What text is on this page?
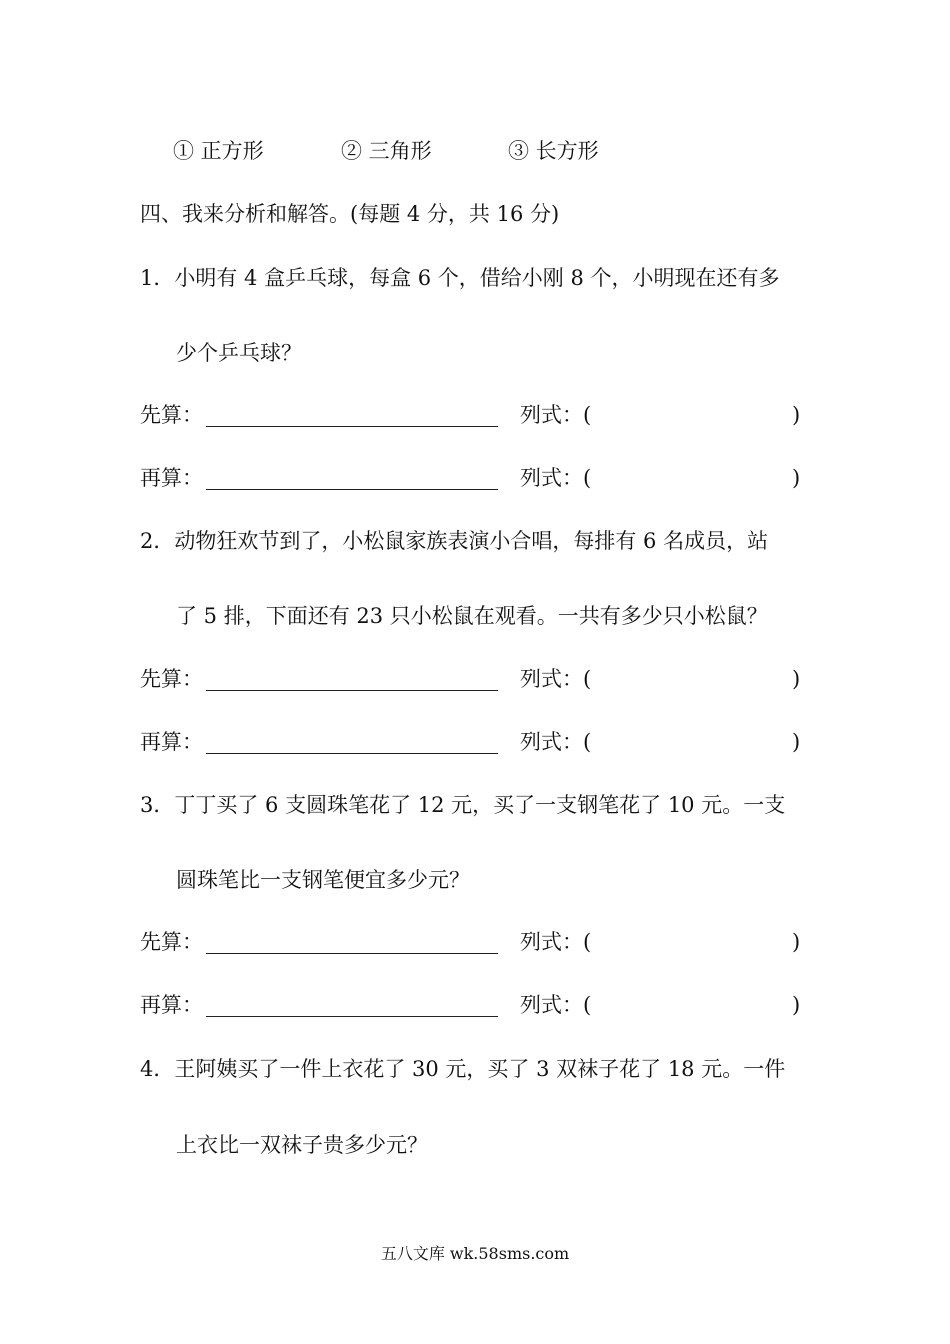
① 正方形	② 三角形	③ 长方形
四、我来分析和解答。(每题 4 分，共 16 分)
1．小明有 4 盒乒乓球，每盒 6 个，借给小刚 8 个，小明现在还有多
少个乒乓球？
先算：	列式：(	)
再算：	列式：(	)
2．动物狂欢节到了，小松鼠家族表演小合唱，每排有 6 名成员，站
了 5 排，下面还有 23 只小松鼠在观看。一共有多少只小松鼠？
先算：	列式：(	)
再算：	列式：(	)
3．丁丁买了 6 支圆珠笔花了 12 元，买了一支钢笔花了 10 元。一支
圆珠笔比一支钢笔便宜多少元？
先算：	列式：(	)
再算：	列式：(	)
4．王阿姨买了一件上衣花了 30 元，买了 3 双袜子花了 18 元。一件
上衣比一双袜子贵多少元？
五八文库 wk.58sms.com
